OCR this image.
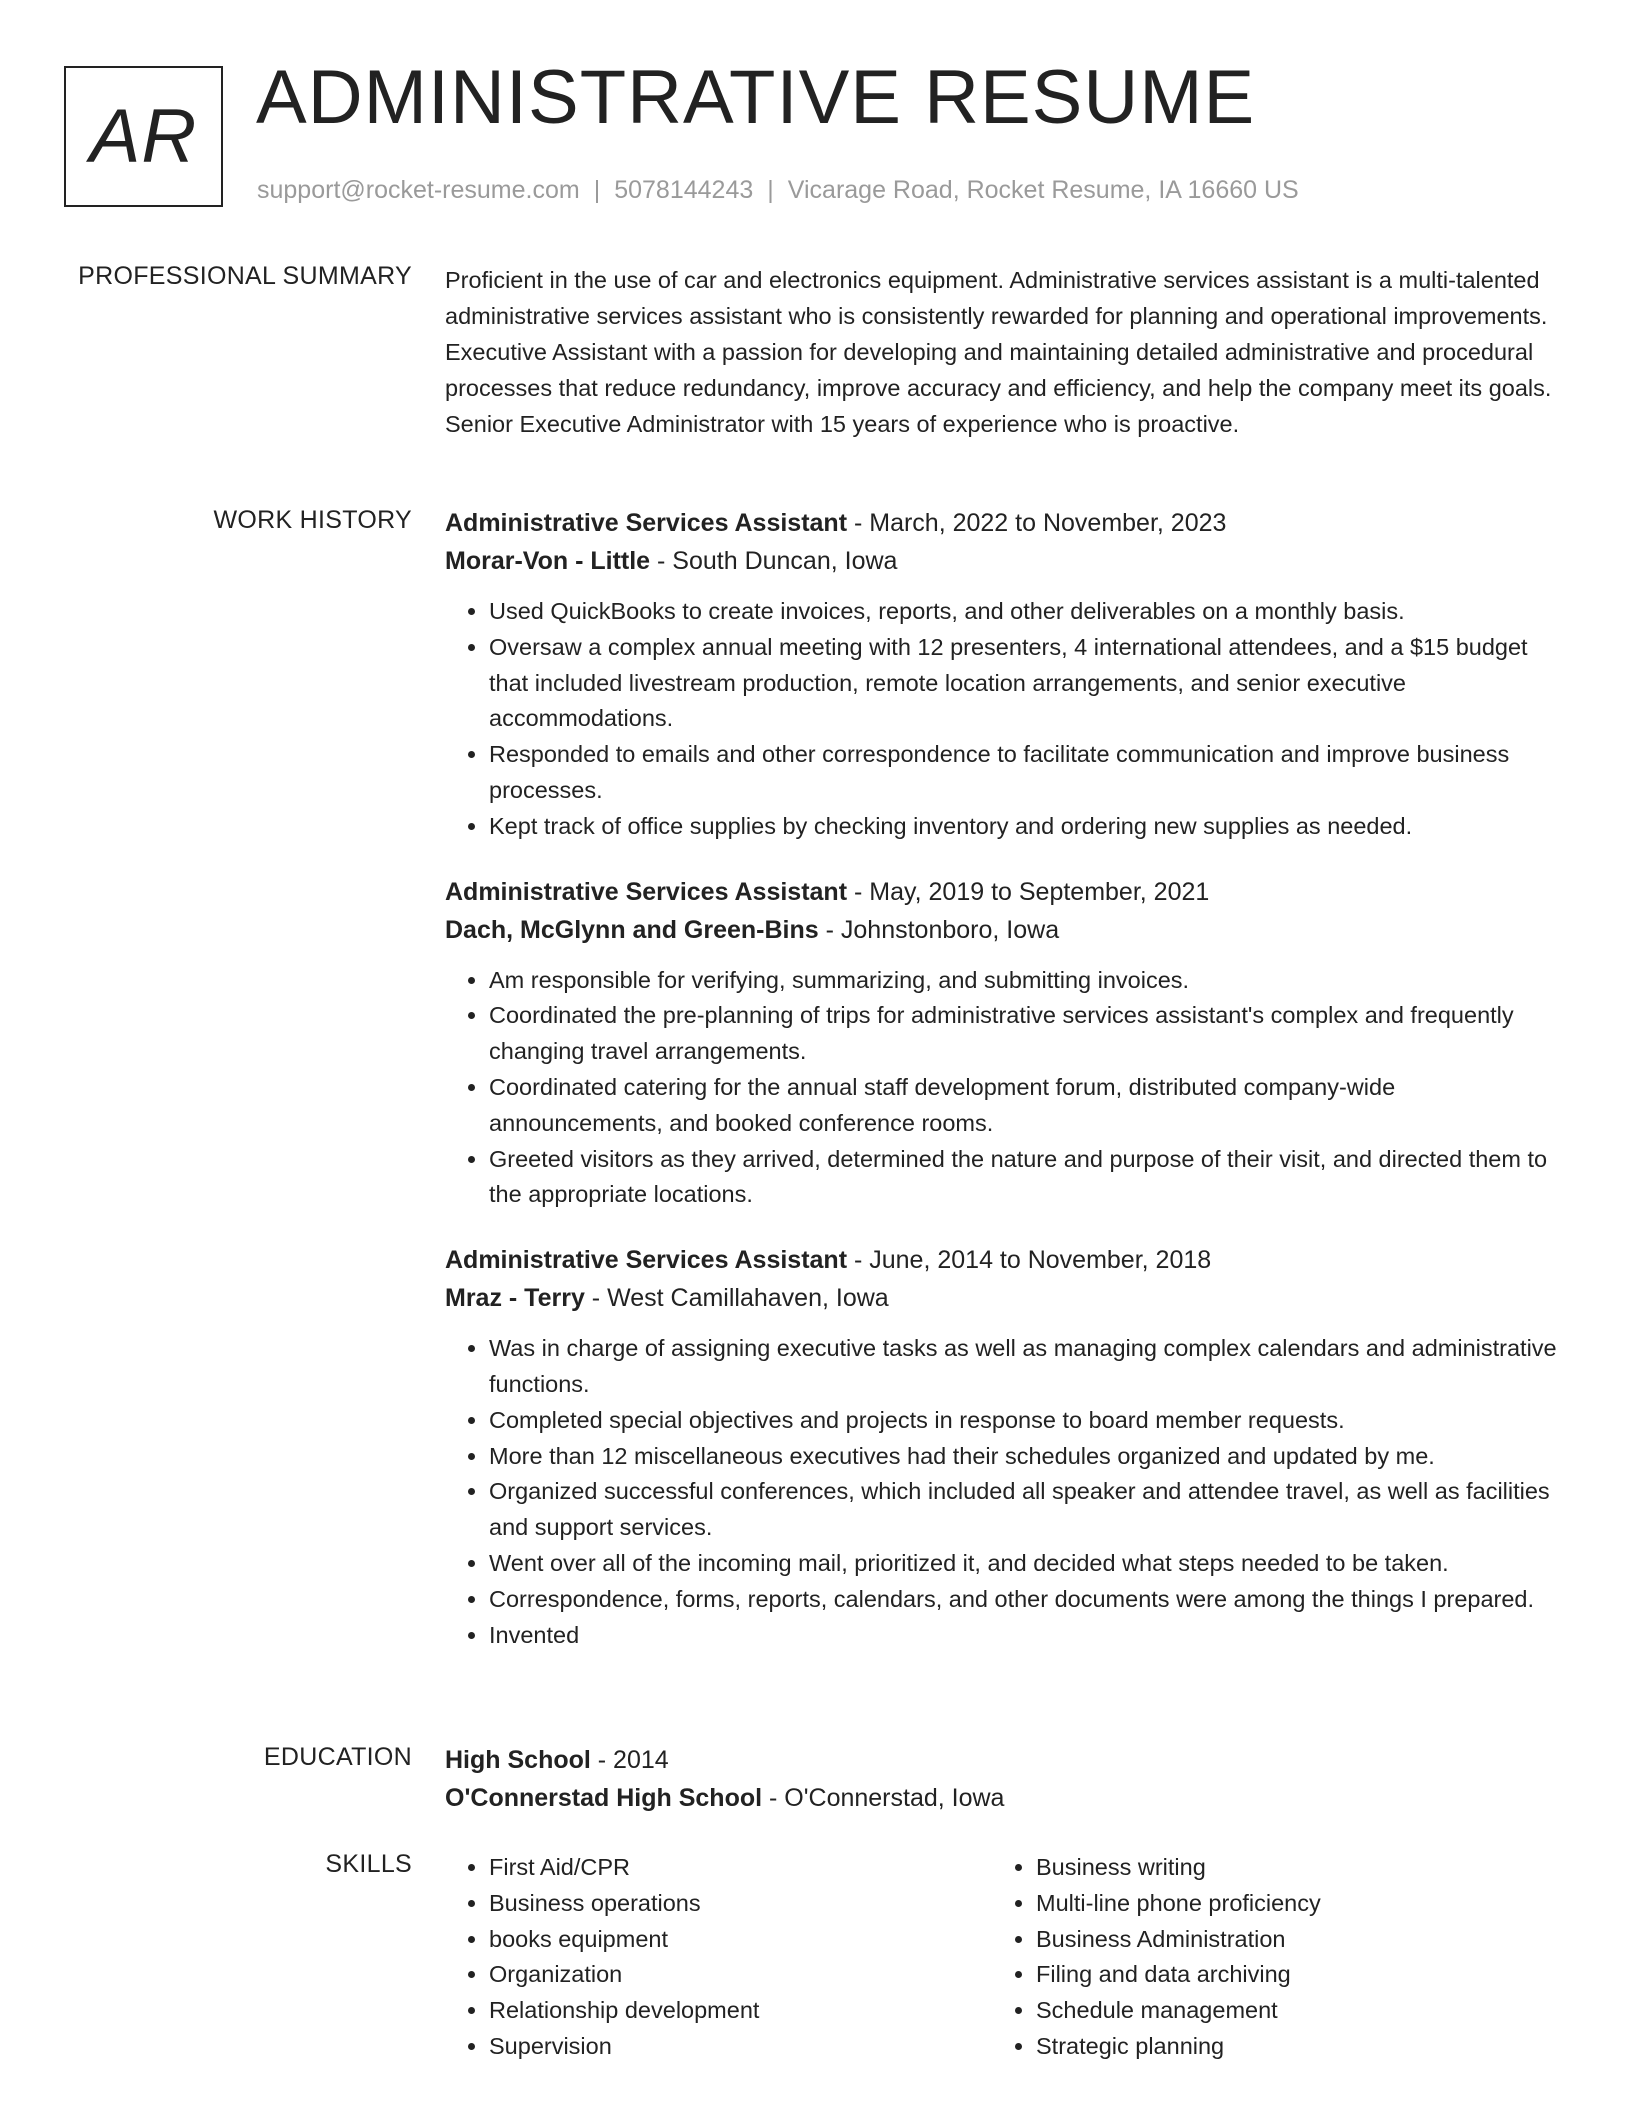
AR ADMINISTRATIVE RESUME
support@rocket-resume.com | 5078144243 | Vicarage Road, Rocket Resume, IA 16660 US
PROFESSIONAL SUMMARY Proficient in the use of car and electronics equipment. Administrative services assistant is a multi-talented administrative services assistant who is consistently rewarded for planning and operational improvements. Executive Assistant with a passion for developing and maintaining detailed administrative and procedural processes that reduce redundancy, improve accuracy and efficiency, and help the company meet its goals. Senior Executive Administrator with 15 years of experience who is proactive.

WORK HISTORY Administrative Services Assistant - March, 2022 to November, 2023
Morar-Von - Little - South Duncan, Iowa
• Used QuickBooks to create invoices, reports, and other deliverables on a monthly basis.
• Oversaw a complex annual meeting with 12 presenters, 4 international attendees, and a $15 budget that included livestream production, remote location arrangements, and senior executive accommodations.
• Responded to emails and other correspondence to facilitate communication and improve business processes.
• Kept track of office supplies by checking inventory and ordering new supplies as needed.
Administrative Services Assistant - May, 2019 to September, 2021
Dach, McGlynn and Green-Bins - Johnstonboro, Iowa
• Am responsible for verifying, summarizing, and submitting invoices.
• Coordinated the pre-planning of trips for administrative services assistant's complex and frequently changing travel arrangements.
• Coordinated catering for the annual staff development forum, distributed company-wide announcements, and booked conference rooms.
• Greeted visitors as they arrived, determined the nature and purpose of their visit, and directed them to the appropriate locations.
Administrative Services Assistant - June, 2014 to November, 2018
Mraz - Terry - West Camillahaven, Iowa
• Was in charge of assigning executive tasks as well as managing complex calendars and administrative functions.
• Completed special objectives and projects in response to board member requests.
• More than 12 miscellaneous executives had their schedules organized and updated by me.
• Organized successful conferences, which included all speaker and attendee travel, as well as facilities and support services.
• Went over all of the incoming mail, prioritized it, and decided what steps needed to be taken.
• Correspondence, forms, reports, calendars, and other documents were among the things I prepared.
• Invented
EDUCATION High School - 2014
O'Connerstad High School - O'Connerstad, Iowa
SKILLS
•	First Aid/CPR
• Business operations
• books equipment
• Organization
• Relationship development
• Supervision
• Business writing
• Multi-line phone proficiency
• Business Administration
• Filing and data archiving
• Schedule management
• Strategic planning
